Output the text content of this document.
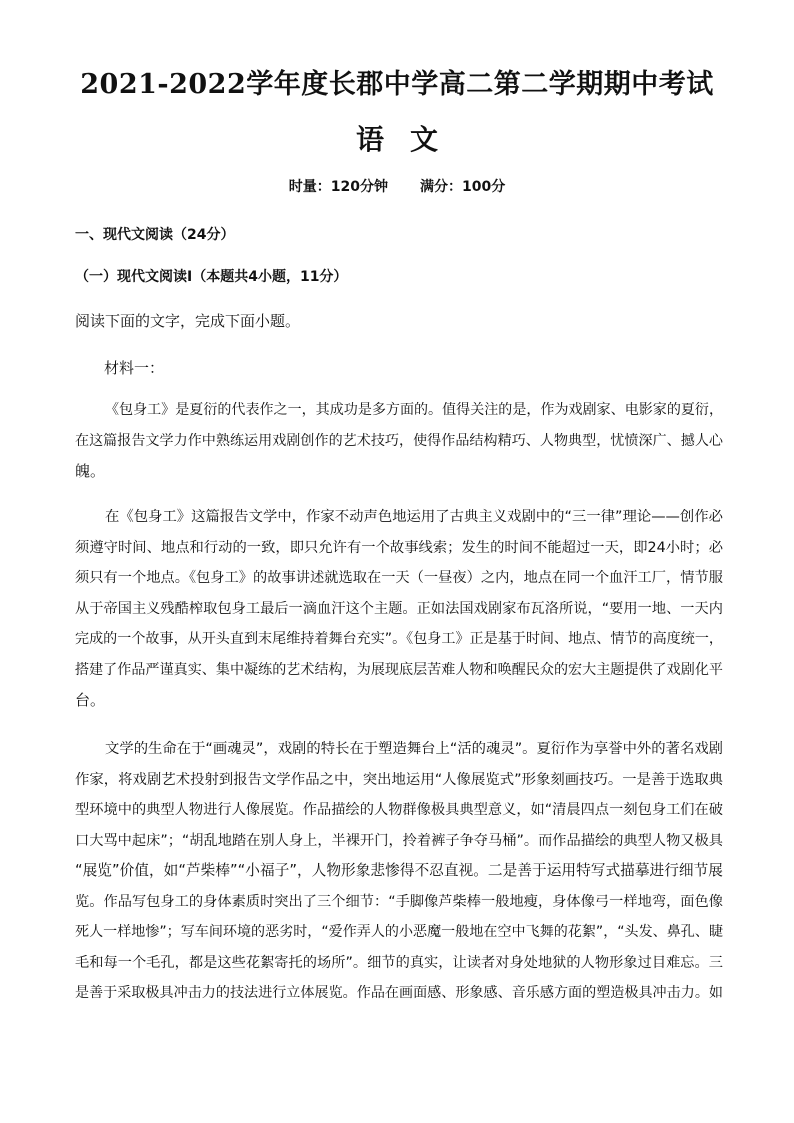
2021-2022学年度长郡中学高二第二学期期中考试
语文
时量：120分钟 满分：100分
一、现代文阅读（24分）
（一）现代文阅读Ⅰ（本题共4小题，11分）
阅读下面的文字，完成下面小题。
材料一：
《包身工》是夏衍的代表作之一，其成功是多方面的。值得关注的是，作为戏剧家、电影家的夏衍，
在这篇报告文学力作中熟练运用戏剧创作的艺术技巧，使得作品结构精巧、人物典型，忧愤深广、撼人心
魄。
在《包身工》这篇报告文学中，作家不动声色地运用了古典主义戏剧中的“三一律”理论——创作必
须遵守时间、地点和行动的一致，即只允许有一个故事线索；发生的时间不能超过一天，即24小时；必
须只有一个地点。《包身工》的故事讲述就选取在一天（一昼夜）之内，地点在同一个血汗工厂，情节服
从于帝国主义残酷榨取包身工最后一滴血汗这个主题。正如法国戏剧家布瓦洛所说，“要用一地、一天内
完成的一个故事，从开头直到末尾维持着舞台充实”。《包身工》正是基于时间、地点、情节的高度统一，
搭建了作品严谨真实、集中凝练的艺术结构，为展现底层苦难人物和唤醒民众的宏大主题提供了戏剧化平
台。
文学的生命在于“画魂灵”，戏剧的特长在于塑造舞台上“活的魂灵”。夏衍作为享誉中外的著名戏剧
作家，将戏剧艺术投射到报告文学作品之中，突出地运用“人像展览式”形象刻画技巧。一是善于选取典
型环境中的典型人物进行人像展览。作品描绘的人物群像极具典型意义，如“清晨四点一刻包身工们在破
口大骂中起床”；“胡乱地踏在别人身上，半裸开门，拎着裤子争夺马桶”。而作品描绘的典型人物又极具
“展览”价值，如“芦柴棒”“小福子”，人物形象悲惨得不忍直视。二是善于运用特写式描摹进行细节展
览。作品写包身工的身体素质时突出了三个细节：“手脚像芦柴棒一般地瘦，身体像弓一样地弯，面色像
死人一样地惨”；写车间环境的恶劣时，“爱作弄人的小恶魔一般地在空中飞舞的花絮”，“头发、鼻孔、睫
毛和每一个毛孔，都是这些花絮寄托的场所”。细节的真实，让读者对身处地狱的人物形象过目难忘。三
是善于采取极具冲击力的技法进行立体展览。作品在画面感、形象感、音乐感方面的塑造极具冲击力。如
